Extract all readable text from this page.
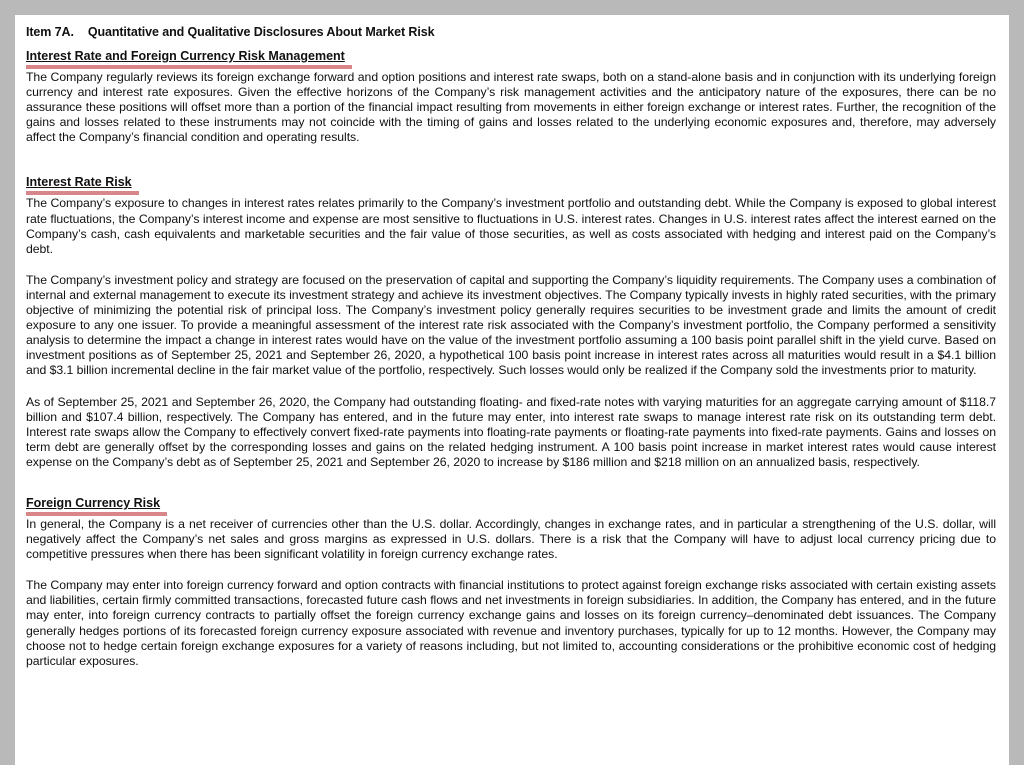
Item 7A. Quantitative and Qualitative Disclosures About Market Risk
Interest Rate and Foreign Currency Risk Management

The Company regularly reviews its foreign exchange forward and option positions and interest rate swaps, both on a stand-alone basis and in conjunction with its underlying foreign currency and interest rate exposures. Given the effective horizons of the Company’s risk management activities and the anticipatory nature of the exposures, there can be no assurance these positions will offset more than a portion of the financial impact resulting from movements in either foreign exchange or interest rates. Further, the recognition of the gains and losses related to these instruments may not coincide with the timing of gains and losses related to the underlying economic exposures and, therefore, may adversely affect the Company’s financial condition and operating results.

Interest Rate Risk

The Company’s exposure to changes in interest rates relates primarily to the Company’s investment portfolio and outstanding debt. While the Company is exposed to global interest rate fluctuations, the Company’s interest income and expense are most sensitive to fluctuations in U.S. interest rates. Changes in U.S. interest rates affect the interest earned on the Company’s cash, cash equivalents and marketable securities and the fair value of those securities, as well as costs associated with hedging and interest paid on the Company’s debt.

The Company’s investment policy and strategy are focused on the preservation of capital and supporting the Company’s liquidity requirements. The Company uses a combination of internal and external management to execute its investment strategy and achieve its investment objectives. The Company typically invests in highly rated securities, with the primary objective of minimizing the potential risk of principal loss. The Company’s investment policy generally requires securities to be investment grade and limits the amount of credit exposure to any one issuer. To provide a meaningful assessment of the interest rate risk associated with the Company’s investment portfolio, the Company performed a sensitivity analysis to determine the impact a change in interest rates would have on the value of the investment portfolio assuming a 100 basis point parallel shift in the yield curve. Based on investment positions as of September 25, 2021 and September 26, 2020, a hypothetical 100 basis point increase in interest rates across all maturities would result in a $4.1 billion and $3.1 billion incremental decline in the fair market value of the portfolio, respectively. Such losses would only be realized if the Company sold the investments prior to maturity.

As of September 25, 2021 and September 26, 2020, the Company had outstanding floating- and fixed-rate notes with varying maturities for an aggregate carrying amount of $118.7 billion and $107.4 billion, respectively. The Company has entered, and in the future may enter, into interest rate swaps to manage interest rate risk on its outstanding term debt. Interest rate swaps allow the Company to effectively convert fixed-rate payments into floating-rate payments or floating-rate payments into fixed-rate payments. Gains and losses on term debt are generally offset by the corresponding losses and gains on the related hedging instrument. A 100 basis point increase in market interest rates would cause interest expense on the Company’s debt as of September 25, 2021 and September 26, 2020 to increase by $186 million and $218 million on an annualized basis, respectively.

Foreign Currency Risk

In general, the Company is a net receiver of currencies other than the U.S. dollar. Accordingly, changes in exchange rates, and in particular a strengthening of the U.S. dollar, will negatively affect the Company’s net sales and gross margins as expressed in U.S. dollars. There is a risk that the Company will have to adjust local currency pricing due to competitive pressures when there has been significant volatility in foreign currency exchange rates.

The Company may enter into foreign currency forward and option contracts with financial institutions to protect against foreign exchange risks associated with certain existing assets and liabilities, certain firmly committed transactions, forecasted future cash flows and net investments in foreign subsidiaries. In addition, the Company has entered, and in the future may enter, into foreign currency contracts to partially offset the foreign currency exchange gains and losses on its foreign currency–denominated debt issuances. The Company generally hedges portions of its forecasted foreign currency exposure associated with revenue and inventory purchases, typically for up to 12 months. However, the Company may choose not to hedge certain foreign exchange exposures for a variety of reasons including, but not limited to, accounting considerations or the prohibitive economic cost of hedging particular exposures.
